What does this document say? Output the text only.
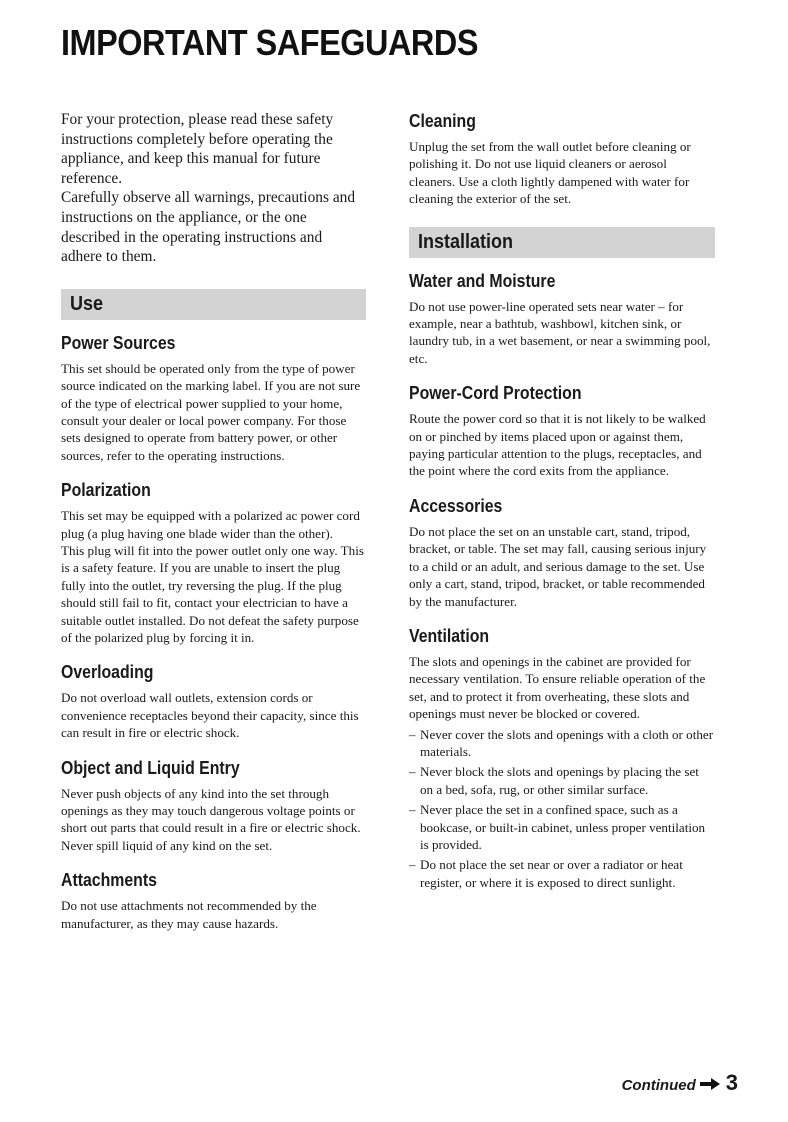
IMPORTANT SAFEGUARDS

For your protection, please read these safety instructions completely before operating the appliance, and keep this manual for future reference.

Carefully observe all warnings, precautions and instructions on the appliance, or the one described in the operating instructions and adhere to them.

Use
Power Sources

This set should be operated only from the type of power source indicated on the marking label. If you are not sure of the type of electrical power supplied to your home, consult your dealer or local power company. For those sets designed to operate from battery power, or other sources, refer to the operating instructions.

Polarization

This set may be equipped with a polarized ac power cord plug (a plug having one blade wider than the other).

This plug will fit into the power outlet only one way. This is a safety feature. If you are unable to insert the plug fully into the outlet, try reversing the plug. If the plug should still fail to fit, contact your electrician to have a suitable outlet installed. Do not defeat the safety purpose of the polarized plug by forcing it in.

Overloading

Do not overload wall outlets, extension cords or convenience receptacles beyond their capacity, since this can result in fire or electric shock.

Object and Liquid Entry

Never push objects of any kind into the set through openings as they may touch dangerous voltage points or short out parts that could result in a fire or electric shock. Never spill liquid of any kind on the set.

Attachments

Do not use attachments not recommended by the manufacturer, as they may cause hazards.

Cleaning

Unplug the set from the wall outlet before cleaning or polishing it. Do not use liquid cleaners or aerosol cleaners. Use a cloth lightly dampened with water for cleaning the exterior of the set.

Installation
Water and Moisture

Do not use power-line operated sets near water – for example, near a bathtub, washbowl, kitchen sink, or laundry tub, in a wet basement, or near a swimming pool, etc.

Power-Cord Protection

Route the power cord so that it is not likely to be walked on or pinched by items placed upon or against them, paying particular attention to the plugs, receptacles, and the point where the cord exits from the appliance.

Accessories

Do not place the set on an unstable cart, stand, tripod, bracket, or table. The set may fall, causing serious injury to a child or an adult, and serious damage to the set. Use only a cart, stand, tripod, bracket, or table recommended by the manufacturer.

Ventilation

The slots and openings in the cabinet are provided for necessary ventilation. To ensure reliable operation of the set, and to protect it from overheating, these slots and openings must never be blocked or covered.

– Never cover the slots and openings with a cloth or other materials.
– Never block the slots and openings by placing the set on a bed, sofa, rug, or other similar surface.
– Never place the set in a confined space, such as a bookcase, or built-in cabinet, unless proper ventilation is provided.
– Do not place the set near or over a radiator or heat register, or where it is exposed to direct sunlight.
Continued 3
